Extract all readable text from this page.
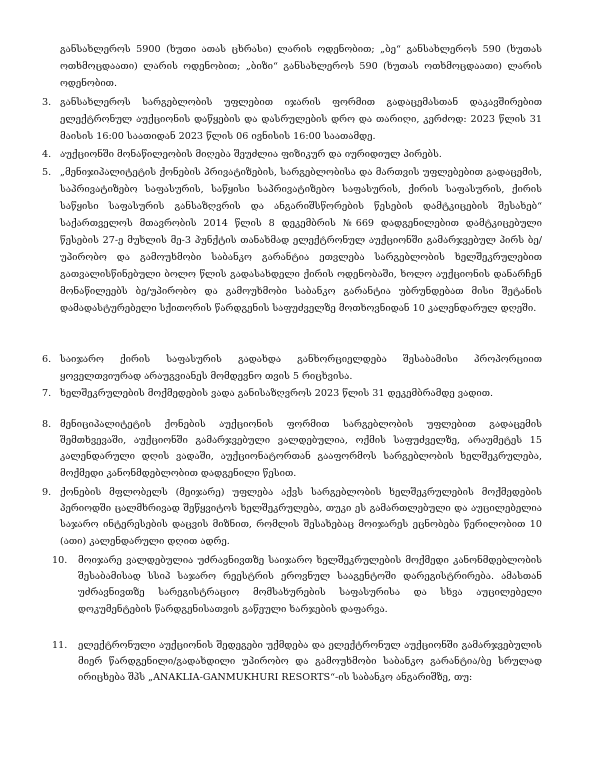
განსახლეროს 5900 (ხუთი ათას ცხრასი) ლარის ოდენობით; „ბე“ განსახლეროს 590 (ხუთას ოთხმოცდაათი) ლარის ოდენობით; „ბიზი“ განსახლეროს 590 (ხუთას ოთხმოცდაათი) ლარის ოდენობით.
3. განსახლეროს სარგებლობის უფლებით იჯარის ფორმით გადაცემასთან დაკავშირებით ელექტრონულ აუქციონის დაწყების და დასრულების დრო და თარიღი, კერძოდ: 2023 წლის 31 მაისის 16:00 საათიდან 2023 წლის 06 ივნისის 16:00 საათამდე.
4. აუქციონში მონაწილეობის მიღება შეუძლია ფიზიკურ და იურიდიულ პირებს.
5. „მენიჯიპალიტეტის ქონების პრივატიზების, სარგებლობისა და მართვის უფლებებით გადაცემის, საპრივატიზებო საფასურის, საწყისი საპრივატიზებო საფასურის, ქირის საფასურის, ქირის საწყისი საფასურის განსაზღვრის და ანგარიშსწორების წესების დამტკიცების შესახებ“ საქართველოს მთავრობის 2014 წლის 8 დეკემბრის №669 დადგენილებით დამტკიცებული წესების 27-ე მუხლის მე-3 პუნქტის თანახმად ელექტრონულ აუქციონში გამარჯვებულ პირს ბე/უპირობო და გამოუხმობი საბანკო გარანტია ეთვლება სარგებლობის ხელშეკრულებით გათვალისწინებული ბოლო წლის გადასახდელი ქირის ოდენობაში, ხოლო აუქციონის დანარჩენ მონაწილეებს ბე/უპირობო და გამოუხმობი საბანკო გარანტია უბრუნდებათ მისი შეტანის დამადასტურებელი სქითორის წარდგენის საფუძველზე მოთხოვნიდან 10 კალენდარულ დღეში.
6. საიჯარო ქირის საფასურის გადახდა განხორციელდება შესაბამისი პროპორციით ყოველთვიურად არაუგვიანეს მომდევნო თვის 5 რიცხვისა.
7. ხელშეკრულების მოქმედების ვადა განისაზღვროს 2023 წლის 31 დეკემბრამდე ვადით.
8. მენიციპალიტეტის ქონების აუქციონის ფორმით სარგებლობის უფლებით გადაცემის შემთხვევაში, აუქციონში გამარჯვებული ვალდებულია, ოქმის საფუძველზე, არაუმეტეს 15 კალენდარული დღის ვადაში, აუქციონატორთან გააფორმოს სარგებლობის ხელშეკრულება, მოქმედი კანონმდებლობით დადგენილი წესით.
9. ქონების მფლობელს (მეიჯარე) უფლება აქვს სარგებლობის ხელშეკრულების მოქმედების პერიოდში ცალმხრივად შეწყვიტოს ხელშეკრულება, თუკი ეს გამართლებული და აუცილებელია საჯარო ინტერესების დაცვის მიზნით, რომლის შესახებაც მოიჯარეს ეცნობება წერილობით 10 (ათი) კალენდარული დღით ადრე.
10. მოიჯარე ვალდებულია უძრავნივთზე საიჯარო ხელშეკრულების მოქმედი კანონმდებლობის შესაბამისად სსიპ საჯარო რეესტრის ეროვნულ სააგენტოში დარეგისტრირება. ამასთან უძრავნივთზე სარეგისტრაციო მომსახურების საფასურისა და სხვა აუცილებელი დოკუმენტების წარდგენისათვის გაწეული ხარჯების დაფარვა.
11. ელექტრონული აუქციონის შედეგები უქმდება და ელექტრონულ აუქციონში გამარჯვებულის მიერ წარდგენილი/გადახდილი უპირობო და გამოუხმობი საბანკო გარანტია/ბე სრულად ირიცხება შპს „ANAKLIA-GANMUKHURI RESORTS“-ის საბანკო ანგარიშზე, თუ:
